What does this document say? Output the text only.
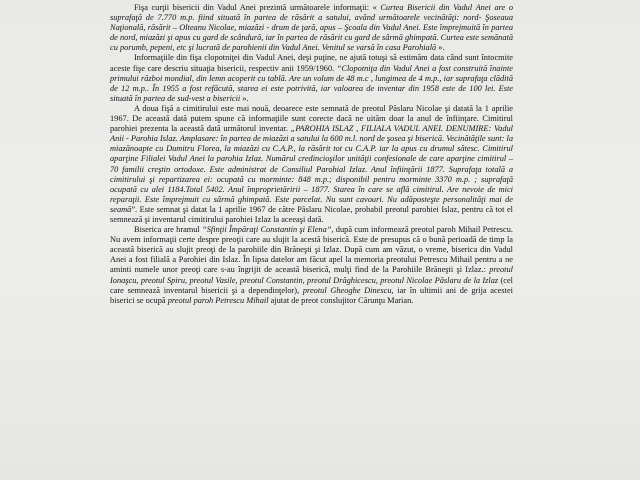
Fişa curţii bisericii din Vadul Anei prezintă următoarele informaţii: « Curtea Bisericii din Vadul Anei are o suprafaţă de 7.770 m.p. fiind situată în partea de răsărit a satului, având următoarele vecinătăţi: nord- Şoseaua Naţională, răsărit – Olteanu Nicolae, miazăzi - drum de ţară, apus – Şcoala din Vadul Anei. Este împrejmuită în partea de nord, miazăzi şi apus cu gard de scândură, iar în partea de răsărit cu gard de sârmă ghimpată. Curtea este semănată cu porumb, pepeni, etc şi lucrată de parohienii din Vadul Anei. Venitul se varsă în casa Parohială ».

Informaţiile din fişa clopotniţei din Vadul Anei, deşi puţine, ne ajută totuşi să estimăm data când sunt întocmite aceste fişe care descriu situaţia bisericii, respectiv anii 1959/1960. “Clopotniţa din Vadul Anei a fost construită înainte primului război mondial, din lemn acoperit cu tablă. Are un volum de 48 m.c , lungimea de 4 m.p., iar suprafaţa clădită de 12 m.p.. În 1955 a fost refăcută, starea ei este potrivită, iar valoarea de inventar din 1958 este de 100 lei. Este situată în partea de sud-vest a bisericii ».

A doua fişă a cimitirului este mai nouă, deoarece este semnată de preotul Păslaru Nicolae şi datată la 1 aprilie 1967. De această dată putem spune că informaţiile sunt corecte dacă ne uităm doar la anul de înfiinţare. Cimitirul parohiei prezenta la această dată următorul inventar. „PAROHIA ISLAZ , FILIALA VADUL ANEI. DENUMIRE: Vadul Anii - Parohia Islaz. Amplasare: în partea de miazăzi a satului la 600 m.l. nord de şosea şi biserică. Vecinătăţile sunt: la miazănoapte cu Dumitru Florea, la miazăzi cu C.A.P., la răsărit tot cu C.A.P. iar la apus cu drumul sătesc. Cimitirul aparţine Filialei Vadul Anei la parohia Izlaz. Numărul credincioşilor unităţii confesionale de care aparţine cimitirul – 70 familii creştin ortodoxe. Este administrat de Consiliul Parohial Izlaz. Anul înfiinţării 1877. Suprafaţa totală a cimitirului şi repartizarea ei: ocupată cu morminte: 848 m.p.; disponibil pentru morminte 3370 m.p. ; suprafaţă ocupată cu alei 1184.Total 5402. Anul împroprietăririi – 1877. Starea în care se află cimitirul. Are nevoie de mici reparaţii. Este împrejmuit cu sârmă ghimpată. Este parcelat. Nu sunt cavouri. Nu adăposteşte personalităţi mai de seamă”. Este semnat şi datat la 1 aprilie 1967 de către Păslaru Nicolae, probabil preotul parohiei Islaz, pentru că tot el semnează şi inventarul cimitirului parohiei Izlaz la aceeaşi dată.

Biserica are hramul “Sfinţii Împăraţi Constantin şi Elena”, după cum informează preotul paroh Mihail Petrescu. Nu avem informaţii certe despre preoţii care au slujit la acestă biserică. Este de presupus că o bună perioadă de timp la această biserică au slujit preoţi de la parohiile din Brăneşti şi Izlaz. După cum am văzut, o vreme, biserica din Vadul Anei a fost filială a Parohiei din Islaz. În lipsa datelor am făcut apel la memoria preotului Petrescu Mihail pentru a ne aminti numele unor preoţi care s-au îngrijit de această biserică, mulţi find de la Parohiile Brăneşti şi Izlaz.: preotul Ionaşcu, preotul Spiru, preotul Vasile, preotul Constantin, preotul Drăghicescu, preotul Nicolae Păslaru de la Izlaz (cel care semnează inventarul bisericii şi a dependinţelor), preotul Gheoghe Dinescu, iar în ultimii ani de grija acestei biserici se ocupă preotul paroh Petrescu Mihail ajutat de preot conslujitor Cărunţu Marian.
